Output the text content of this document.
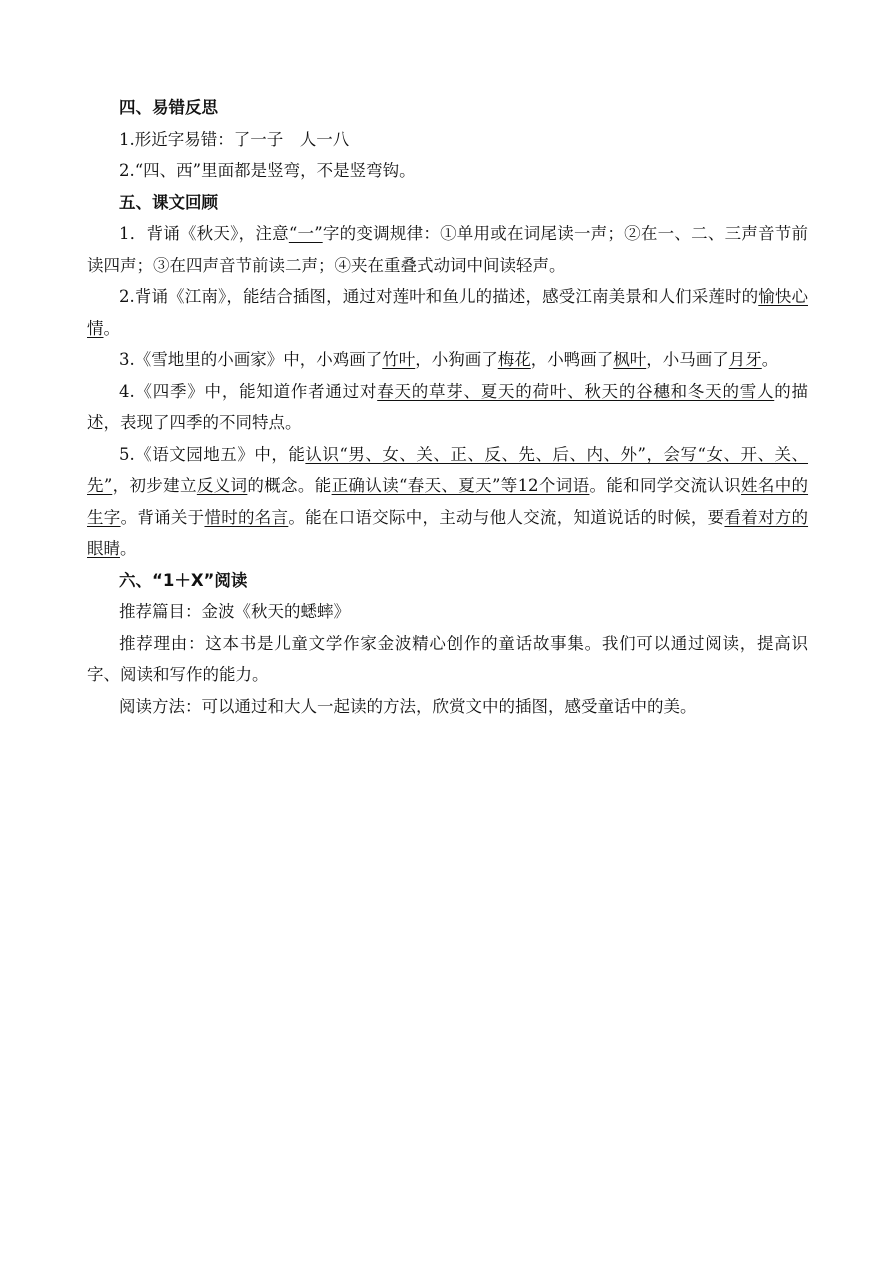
四、易错反思

1.形近字易错：了一子　人一八

2.“四、西”里面都是竖弯，不是竖弯钩。

五、课文回顾

1．背诵《秋天》，注意“一”字的变调规律：①单用或在词尾读一声；②在一、二、三声音节前读四声；③在四声音节前读二声；④夹在重叠式动词中间读轻声。

2.背诵《江南》，能结合插图，通过对莲叶和鱼儿的描述，感受江南美景和人们采莲时的愉快心情。

3.《雪地里的小画家》中，小鸡画了竹叶，小狗画了梅花，小鸭画了枫叶，小马画了月牙。

4.《四季》中，能知道作者通过对春天的草芽、夏天的荷叶、秋天的谷穗和冬天的雪人的描述，表现了四季的不同特点。

5.《语文园地五》中，能认识“男、女、关、正、反、先、后、内、外”，会写“女、开、关、先”，初步建立反义词的概念。能正确认读“春天、夏天”等12个词语。能和同学交流认识姓名中的生字。背诵关于惜时的名言。能在口语交际中，主动与他人交流，知道说话的时候，要看着对方的眼睛。

六、“1＋X”阅读

推荐篇目：金波《秋天的蟋蟀》

推荐理由：这本书是儿童文学作家金波精心创作的童话故事集。我们可以通过阅读，提高识字、阅读和写作的能力。

阅读方法：可以通过和大人一起读的方法，欣赏文中的插图，感受童话中的美。
